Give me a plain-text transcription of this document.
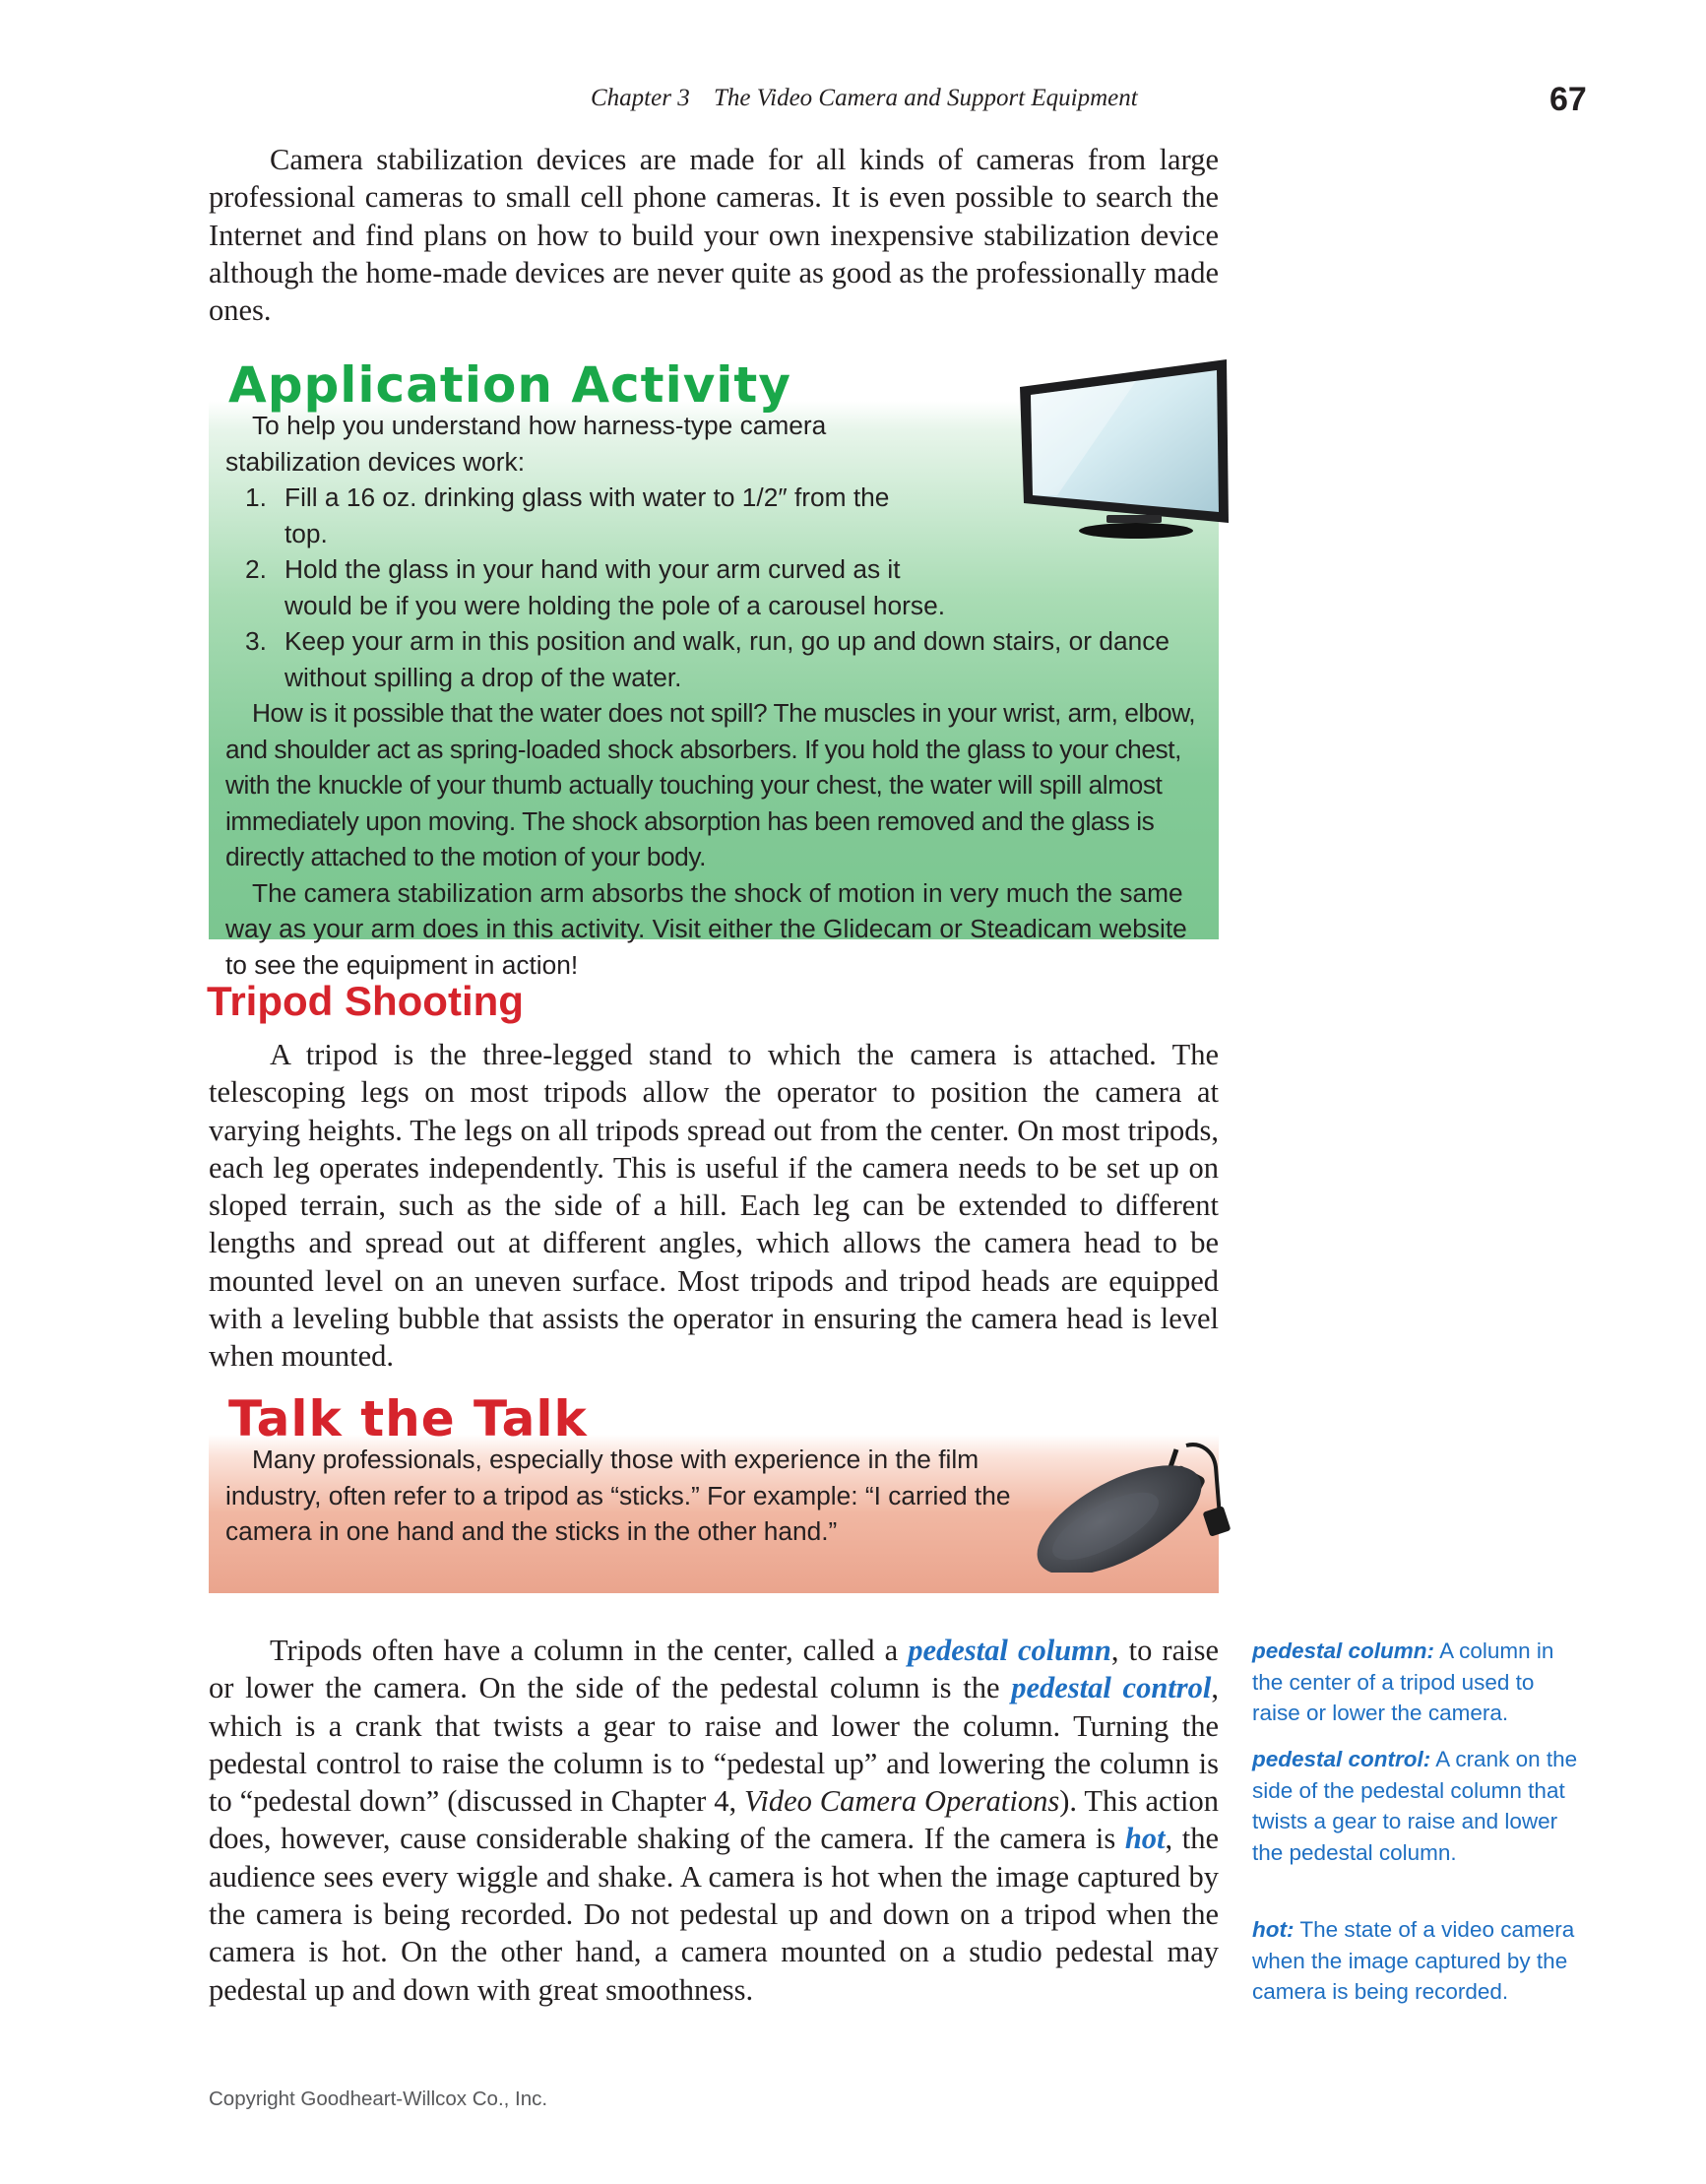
Chapter 3 The Video Camera and Support Equipment	67

Camera stabilization devices are made for all kinds of cameras from large professional cameras to small cell phone cameras. It is even possible to search the Internet and find plans on how to build your own inexpensive stabilization device although the home-made devices are never quite as good as the professionally made ones.

Application Activity

To help you understand how harness-type camera

stabilization devices work:

1. Fill a 16 oz. drinking glass with water to 1/2″ from the top.
2. Hold the glass in your hand with your arm curved as it would be if you were holding the pole of a carousel horse.
3. Keep your arm in this position and walk, run, go up and down stairs, or dance without spilling a drop of the water.

How is it possible that the water does not spill? The muscles in your wrist, arm, elbow, and shoulder act as spring-loaded shock absorbers. If you hold the glass to your chest, with the knuckle of your thumb actually touching your chest, the water will spill almost immediately upon moving. The shock absorption has been removed and the glass is directly attached to the motion of your body.

The camera stabilization arm absorbs the shock of motion in very much the same way as your arm does in this activity. Visit either the Glidecam or Steadicam website to see the equipment in action!

Tripod Shooting

A tripod is the three-legged stand to which the camera is attached. The telescoping legs on most tripods allow the operator to position the camera at varying heights. The legs on all tripods spread out from the center. On most tripods, each leg operates independently. This is useful if the camera needs to be set up on sloped terrain, such as the side of a hill. Each leg can be extended to different lengths and spread out at different angles, which allows the camera head to be mounted level on an uneven surface. Most tripods and tripod heads are equipped with a leveling bubble that assists the operator in ensuring the camera head is level when mounted.

Talk the Talk

Many professionals, especially those with experience in the film industry, often refer to a tripod as “sticks.” For example: “I carried the camera in one hand and the sticks in the other hand.”

Tripods often have a column in the center, called a pedestal column, to raise or lower the camera. On the side of the pedestal column is the pedestal control, which is a crank that twists a gear to raise and lower the column. Turning the pedestal control to raise the column is to “pedestal up” and lowering the column is to “pedestal down” (discussed in Chapter 4, Video Camera Operations). This action does, however, cause considerable shaking of the camera. If the camera is hot, the audience sees every wiggle and shake. A camera is hot when the image captured by the camera is being recorded. Do not pedestal up and down on a tripod when the camera is hot. On the other hand, a camera mounted on a studio pedestal may pedestal up and down with great smoothness.

pedestal column: A column in the center of a tripod used to raise or lower the camera.
pedestal control: A crank on the side of the pedestal column that twists a gear to raise and lower the pedestal column.
hot: The state of a video camera when the image captured by the camera is being recorded.
Copyright Goodheart-Willcox Co., Inc.
